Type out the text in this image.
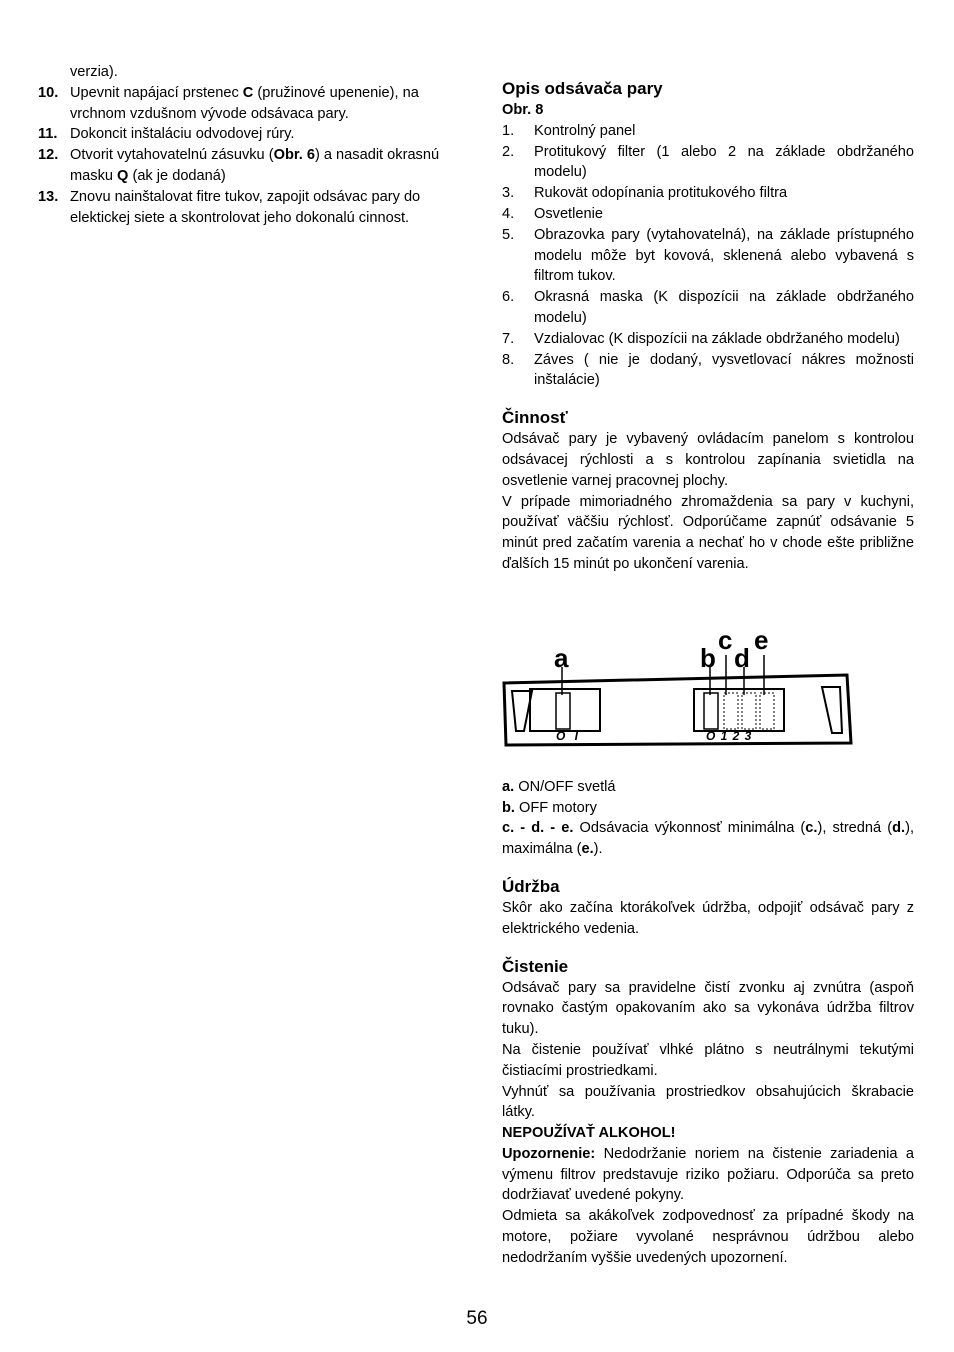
verzia).

10. Upevnit napájací prstenec C (pružinové upenenie), na vrchnom vzdušnom vývode odsávaca pary.
11. Dokoncit inštaláciu odvodovej rúry.
12. Otvorit vytahovatelnú zásuvku (Obr. 6) a nasadit okrasnú masku Q (ak je dodaná)
13. Znovu nainštalovat fitre tukov, zapojit odsávac pary do elektickej siete a skontrolovat jeho dokonalú cinnost.
Opis odsávača pary

Obr. 8

1. Kontrolný panel
2. Protitukový filter (1 alebo 2 na základe obdržaného modelu)
3. Rukovät odopínania protitukového filtra
4. Osvetlenie
5. Obrazovka pary (vytahovatelná), na základe prístupného modelu môže byt kovová, sklenená alebo vybavená s filtrom tukov.
6. Okrasná maska (K dispozícii na základe obdržaného modelu)
7. Vzdialovac (K dispozícii na základe obdržaného modelu)
8. Záves ( nie je dodaný, vysvetlovací nákres možnosti inštalácie)
Činnosť

Odsávač pary je vybavený ovládacím panelom s kontrolou odsávacej rýchlosti a s kontrolou zapínania svietidla na osvetlenie varnej pracovnej plochy.

V prípade mimoriadného zhromaždenia sa pary v kuchyni, používať väčšiu rýchlosť. Odporúčame zapnúť odsávanie 5 minút pred začatím varenia a nechať ho v chode ešte približne ďalších 15 minút po ukončení varenia.

a	b
c
d
e
O I	O 1 2 3

a. ON/OFF svetlá

b. OFF motory

c. - d. - e. Odsávacia výkonnosť minimálna (c.), stredná (d.), maximálna (e.).

Údržba

Skôr ako začína ktorákoľvek údržba, odpojiť odsávač pary z elektrického vedenia.

Čistenie

Odsávač pary sa pravidelne čistí zvonku aj zvnútra (aspoň rovnako častým opakovaním ako sa vykonáva údržba filtrov tuku).

Na čistenie používať vlhké plátno s neutrálnymi tekutými čistiacími prostriedkami.

Vyhnúť sa používania prostriedkov obsahujúcich škrabacie látky.

NEPOUŽÍVAŤ ALKOHOL!

Upozornenie: Nedodržanie noriem na čistenie zariadenia a výmenu filtrov predstavuje riziko požiaru. Odporúča sa preto dodržiavať uvedené pokyny.

Odmieta sa akákoľvek zodpovednosť za prípadné škody na motore, požiare vyvolané nesprávnou údržbou alebo nedodržaním vyššie uvedených upozornení.

56
